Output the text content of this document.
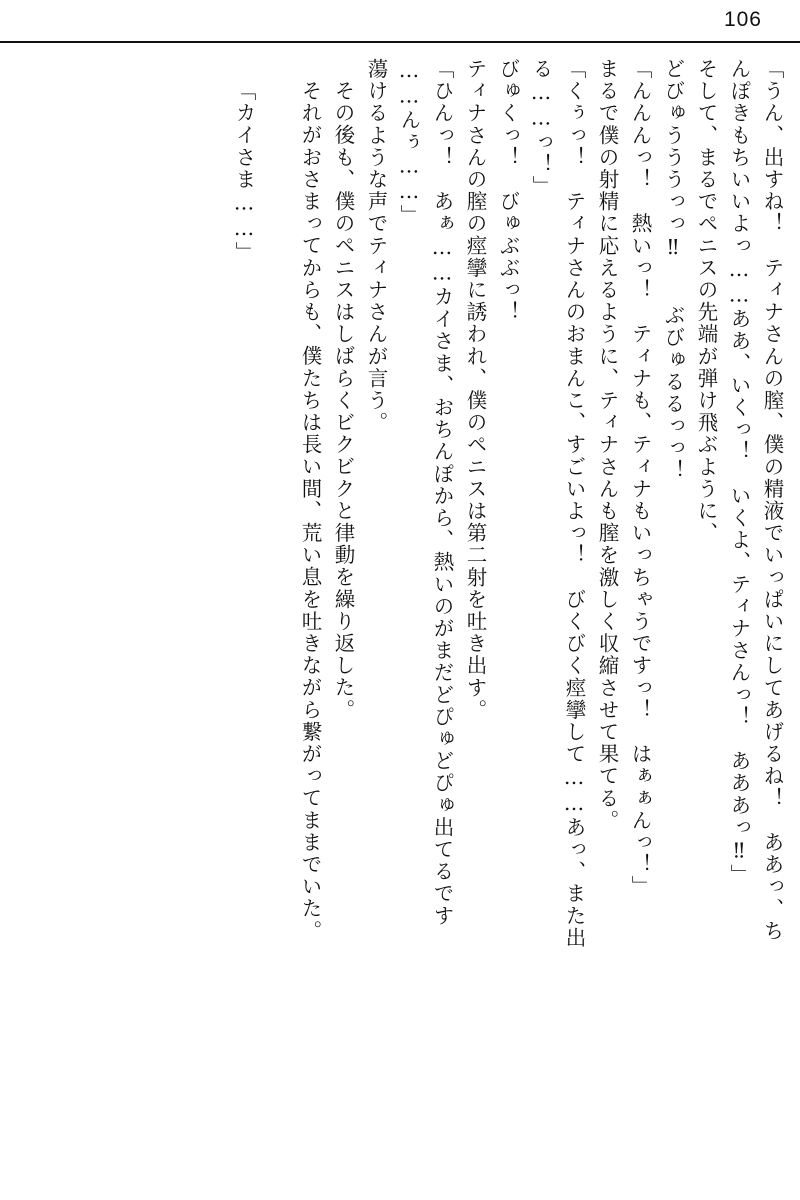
106
「うん、出すね！　ティナさんの膣、僕の精液でいっぱいにしてあげるね！　ああっ、ち
んぽきもちいいよっ……ああ、いくっ！　いくよ、ティナさんっ！　あああっ‼」
そして、まるでペニスの先端が弾け飛ぶように、
どびゅうううっっ‼　　ぶびゅるるっっ！
「んんんっ！　熱いっ！　ティナも、ティナもいっちゃうですっ！　はぁぁんっ！」
まるで僕の射精に応えるように、ティナさんも膣を激しく収縮させて果てる。
「くぅっ！　ティナさんのおまんこ、すごいよっ！　びくびく痙攣して……あっ、また出
る……っ！」
びゅくっ！　びゅぶぶっ！
ティナさんの膣の痙攣に誘われ、僕のペニスは第二射を吐き出す。
「ひんっ！　あぁ……カイさま、おちんぽから、熱いのがまだどぴゅどぴゅ出てるです
……んぅ……」
蕩けるような声でティナさんが言う。
その後も、僕のペニスはしばらくビクビクと律動を繰り返した。
それがおさまってからも、僕たちは長い間、荒い息を吐きながら繋がってままでいた。
「カイさま……」
